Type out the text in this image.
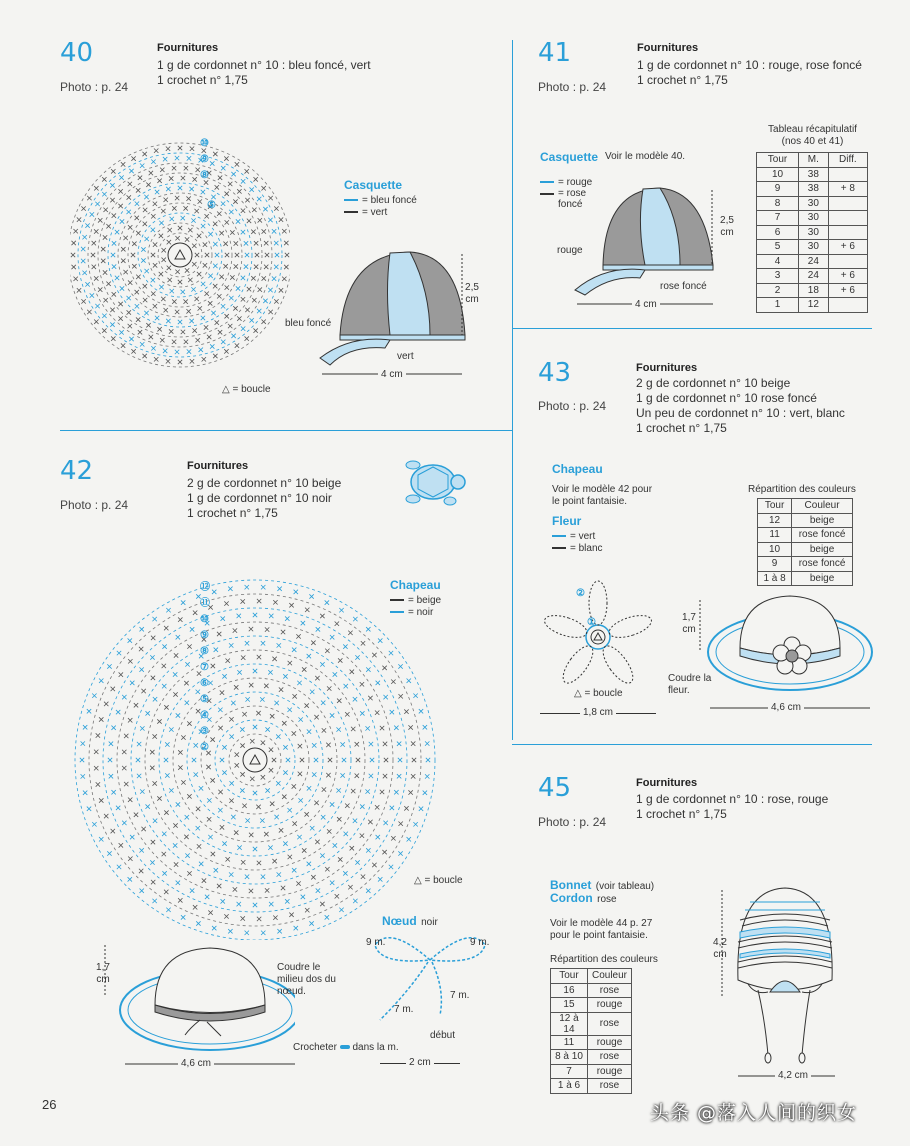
40
Photo : p. 24
Fournitures
1 g de cordonnet n° 10 : bleu foncé, vert
1 crochet n° 1,75
⑩
⑨
⑧
⑤
△ = boucle
Casquette
= bleu foncé
= vert
2,5 cm
bleu foncé
vert
4 cm
41
Photo : p. 24
Fournitures
1 g de cordonnet n° 10 : rouge, rose foncé
1 crochet n° 1,75
Casquette Voir le modèle 40.
= rouge
= rose foncé
2,5 cm
rouge
rose foncé
4 cm
Tableau récapitulatif
(nos 40 et 41)
Tour	M.	Diff.
10	38	
9	38	+ 8
8	30	
7	30	
6	30	
5	30	+ 6
4	24	
3	24	+ 6
2	18	+ 6
1	12	
42
Photo : p. 24
Fournitures
2 g de cordonnet n° 10 beige
1 g de cordonnet n° 10 noir
1 crochet n° 1,75
⑫
⑪
⑩
⑨
⑧
⑦
⑥
⑤
④
③
②
Chapeau
= beige
= noir
△ = boucle
Nœud noir
9 m.	9 m.
7 m.
7 m.
début
Crocheter dans la m.
2 cm
1,7 cm
Coudre le milieu dos du nœud.
4,6 cm
43
Photo : p. 24
Fournitures
2 g de cordonnet n° 10 beige
1 g de cordonnet n° 10 rose foncé
Un peu de cordonnet n° 10 : vert, blanc
1 crochet n° 1,75
Chapeau
Voir le modèle 42 pour
le point fantaisie.
Fleur
= vert
= blanc
②
①
△ = boucle
1,8 cm
Répartition des couleurs
Tour	Couleur
12	beige
11	rose foncé
10	beige
9	rose foncé
1 à 8	beige
1,7 cm
Coudre la fleur.
4,6 cm
45
Photo : p. 24
Fournitures
1 g de cordonnet n° 10 : rose, rouge
1 crochet n° 1,75
Bonnet (voir tableau)
Cordon rose
Voir le modèle 44 p. 27
pour le point fantaisie.
Répartition des couleurs
Tour	Couleur
16	rose
15	rouge
12 à 14	rose
11	rouge
8 à 10	rose
7	rouge
1 à 6	rose
4,2 cm
4,2 cm
26	头条 @落入人间的织女
